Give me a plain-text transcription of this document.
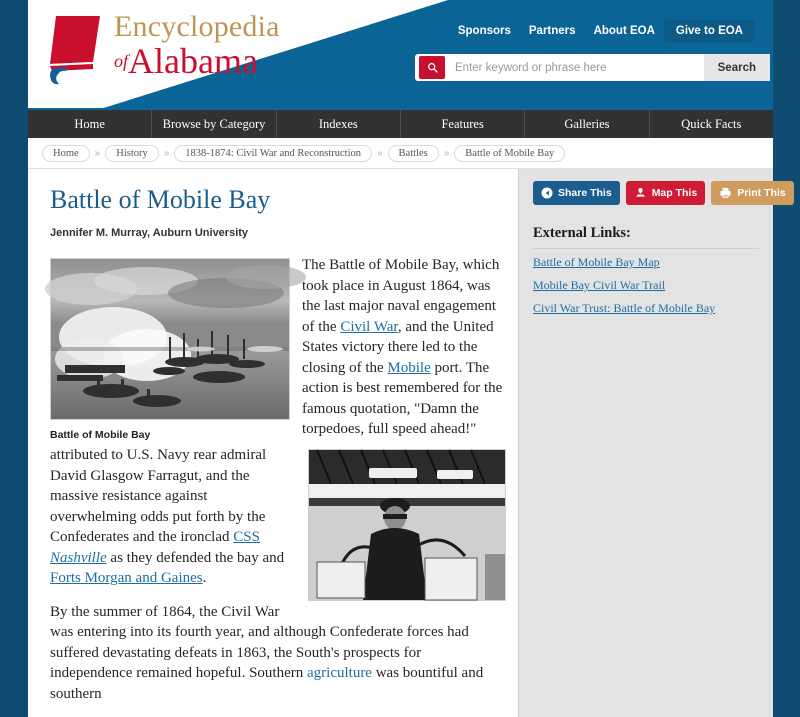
Encyclopedia
ofAlabama
Sponsors	Partners	About EOA	Give to EOA
Enter keyword or phrase here
Search
Home	Browse by Category	Indexes	Features	Galleries	Quick Facts
Home	»	History	»	1838-1874: Civil War and Reconstruction	»	Battles	»	Battle of Mobile Bay
Battle of Mobile Bay
Jennifer M. Murray, Auburn University
Battle of Mobile Bay

The Battle of Mobile Bay, which took place in August 1864, was the last major naval engagement of the Civil War, and the United States victory there led to the closing of the Mobile port. The action is best remembered for the famous quotation, "Damn the torpedoes, full speed ahead!" attributed to U.S. Navy rear admiral David Glasgow Farragut, and the massive resistance against overwhelming odds put forth by the Confederates and the ironclad CSS Nashville as they defended the bay and Forts Morgan and Gaines.

By the summer of 1864, the Civil War was entering into its fourth year, and although Confederate forces had suffered devastating defeats in 1863, the South's prospects for independence remained hopeful. Southern agriculture was bountiful and southern

Share This	Map This	Print This
External Links:
Battle of Mobile Bay Map
Mobile Bay Civil War Trail
Civil War Trust: Battle of Mobile Bay
